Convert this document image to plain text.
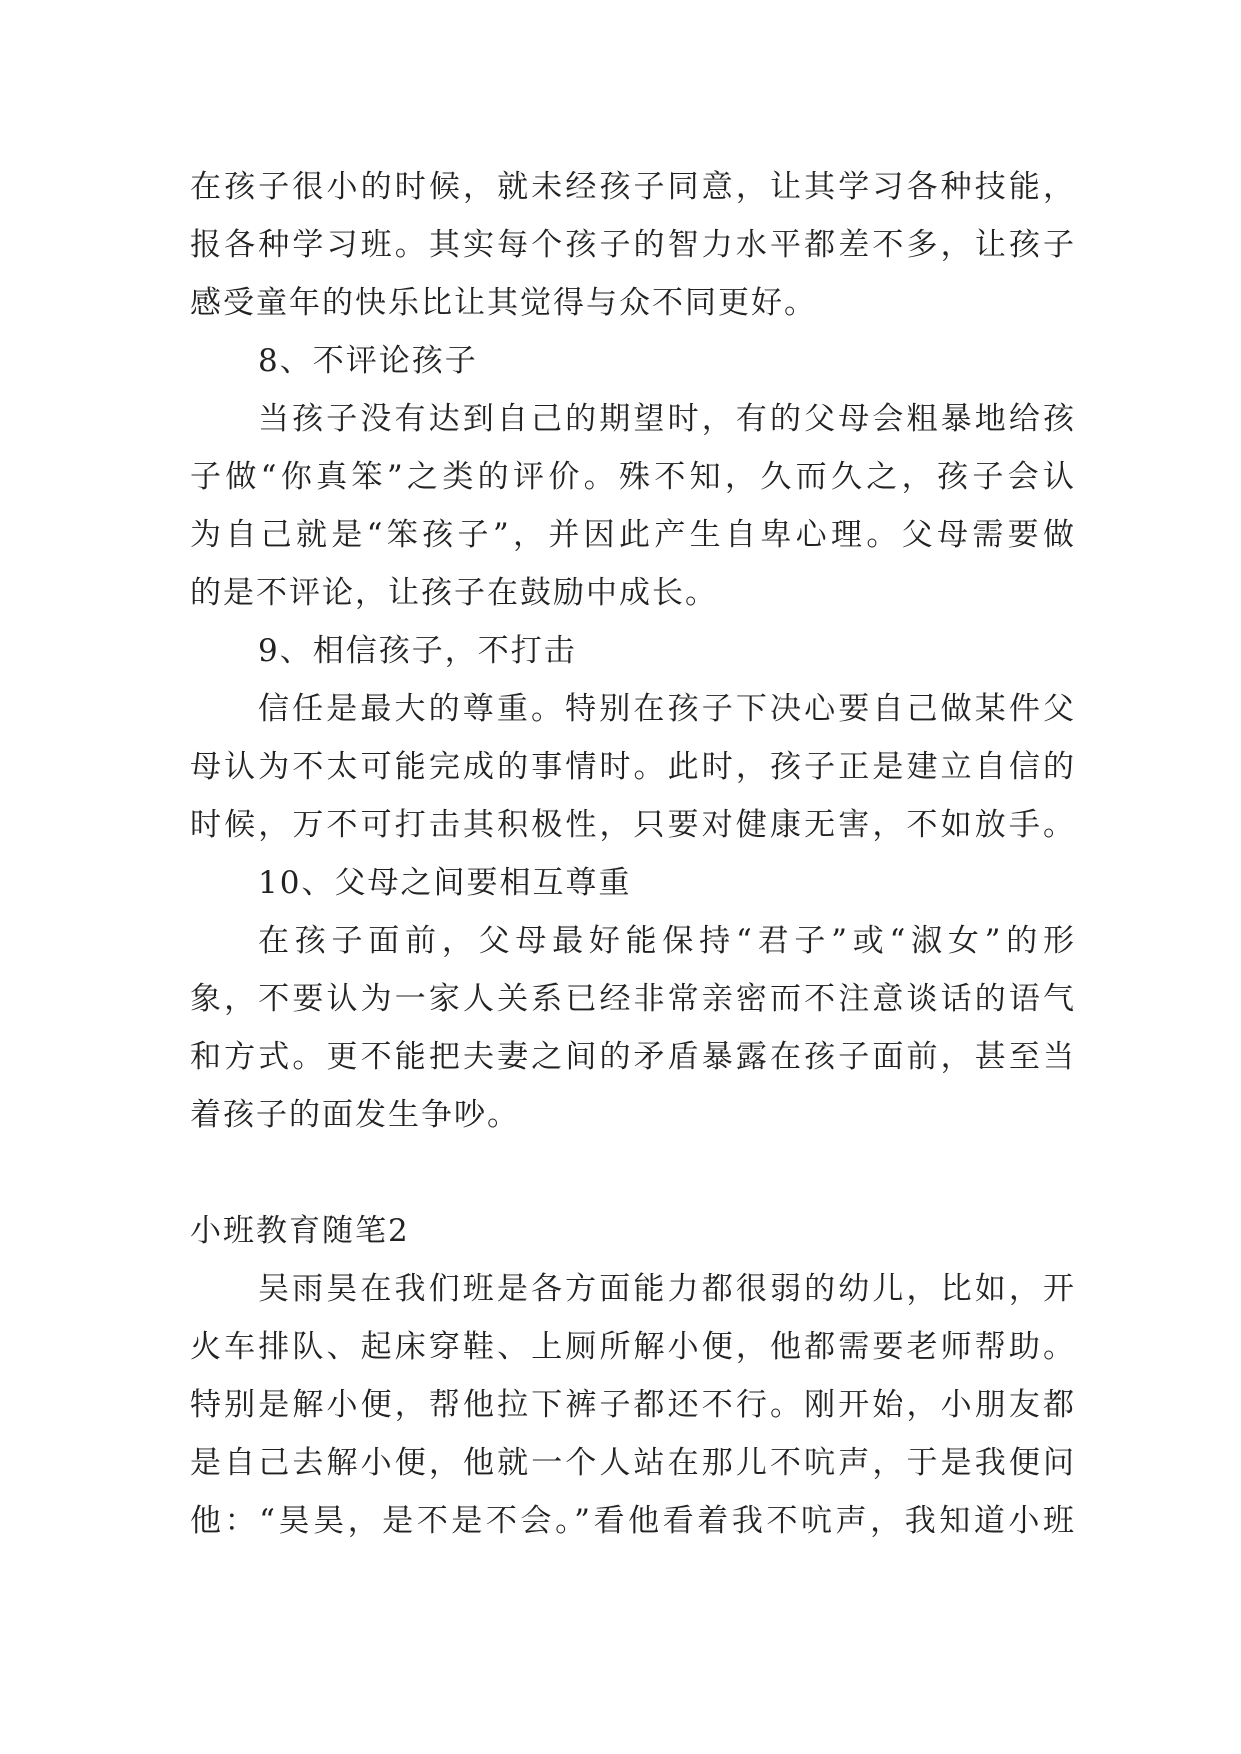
在孩子很小的时候，就未经孩子同意，让其学习各种技能，
报各种学习班。其实每个孩子的智力水平都差不多，让孩子
感受童年的快乐比让其觉得与众不同更好。
8、不评论孩子
当孩子没有达到自己的期望时，有的父母会粗暴地给孩
子做“你真笨”之类的评价。殊不知，久而久之，孩子会认
为自己就是“笨孩子”，并因此产生自卑心理。父母需要做
的是不评论，让孩子在鼓励中成长。
9、相信孩子，不打击
信任是最大的尊重。特别在孩子下决心要自己做某件父
母认为不太可能完成的事情时。此时，孩子正是建立自信的
时候，万不可打击其积极性，只要对健康无害，不如放手。
10、父母之间要相互尊重
在孩子面前，父母最好能保持“君子”或“淑女”的形
象，不要认为一家人关系已经非常亲密而不注意谈话的语气
和方式。更不能把夫妻之间的矛盾暴露在孩子面前，甚至当
着孩子的面发生争吵。
小班教育随笔2
吴雨昊在我们班是各方面能力都很弱的幼儿，比如，开
火车排队、起床穿鞋、上厕所解小便，他都需要老师帮助。
特别是解小便，帮他拉下裤子都还不行。刚开始，小朋友都
是自己去解小便，他就一个人站在那儿不吭声，于是我便问
他：“昊昊，是不是不会。”看他看着我不吭声，我知道小班
